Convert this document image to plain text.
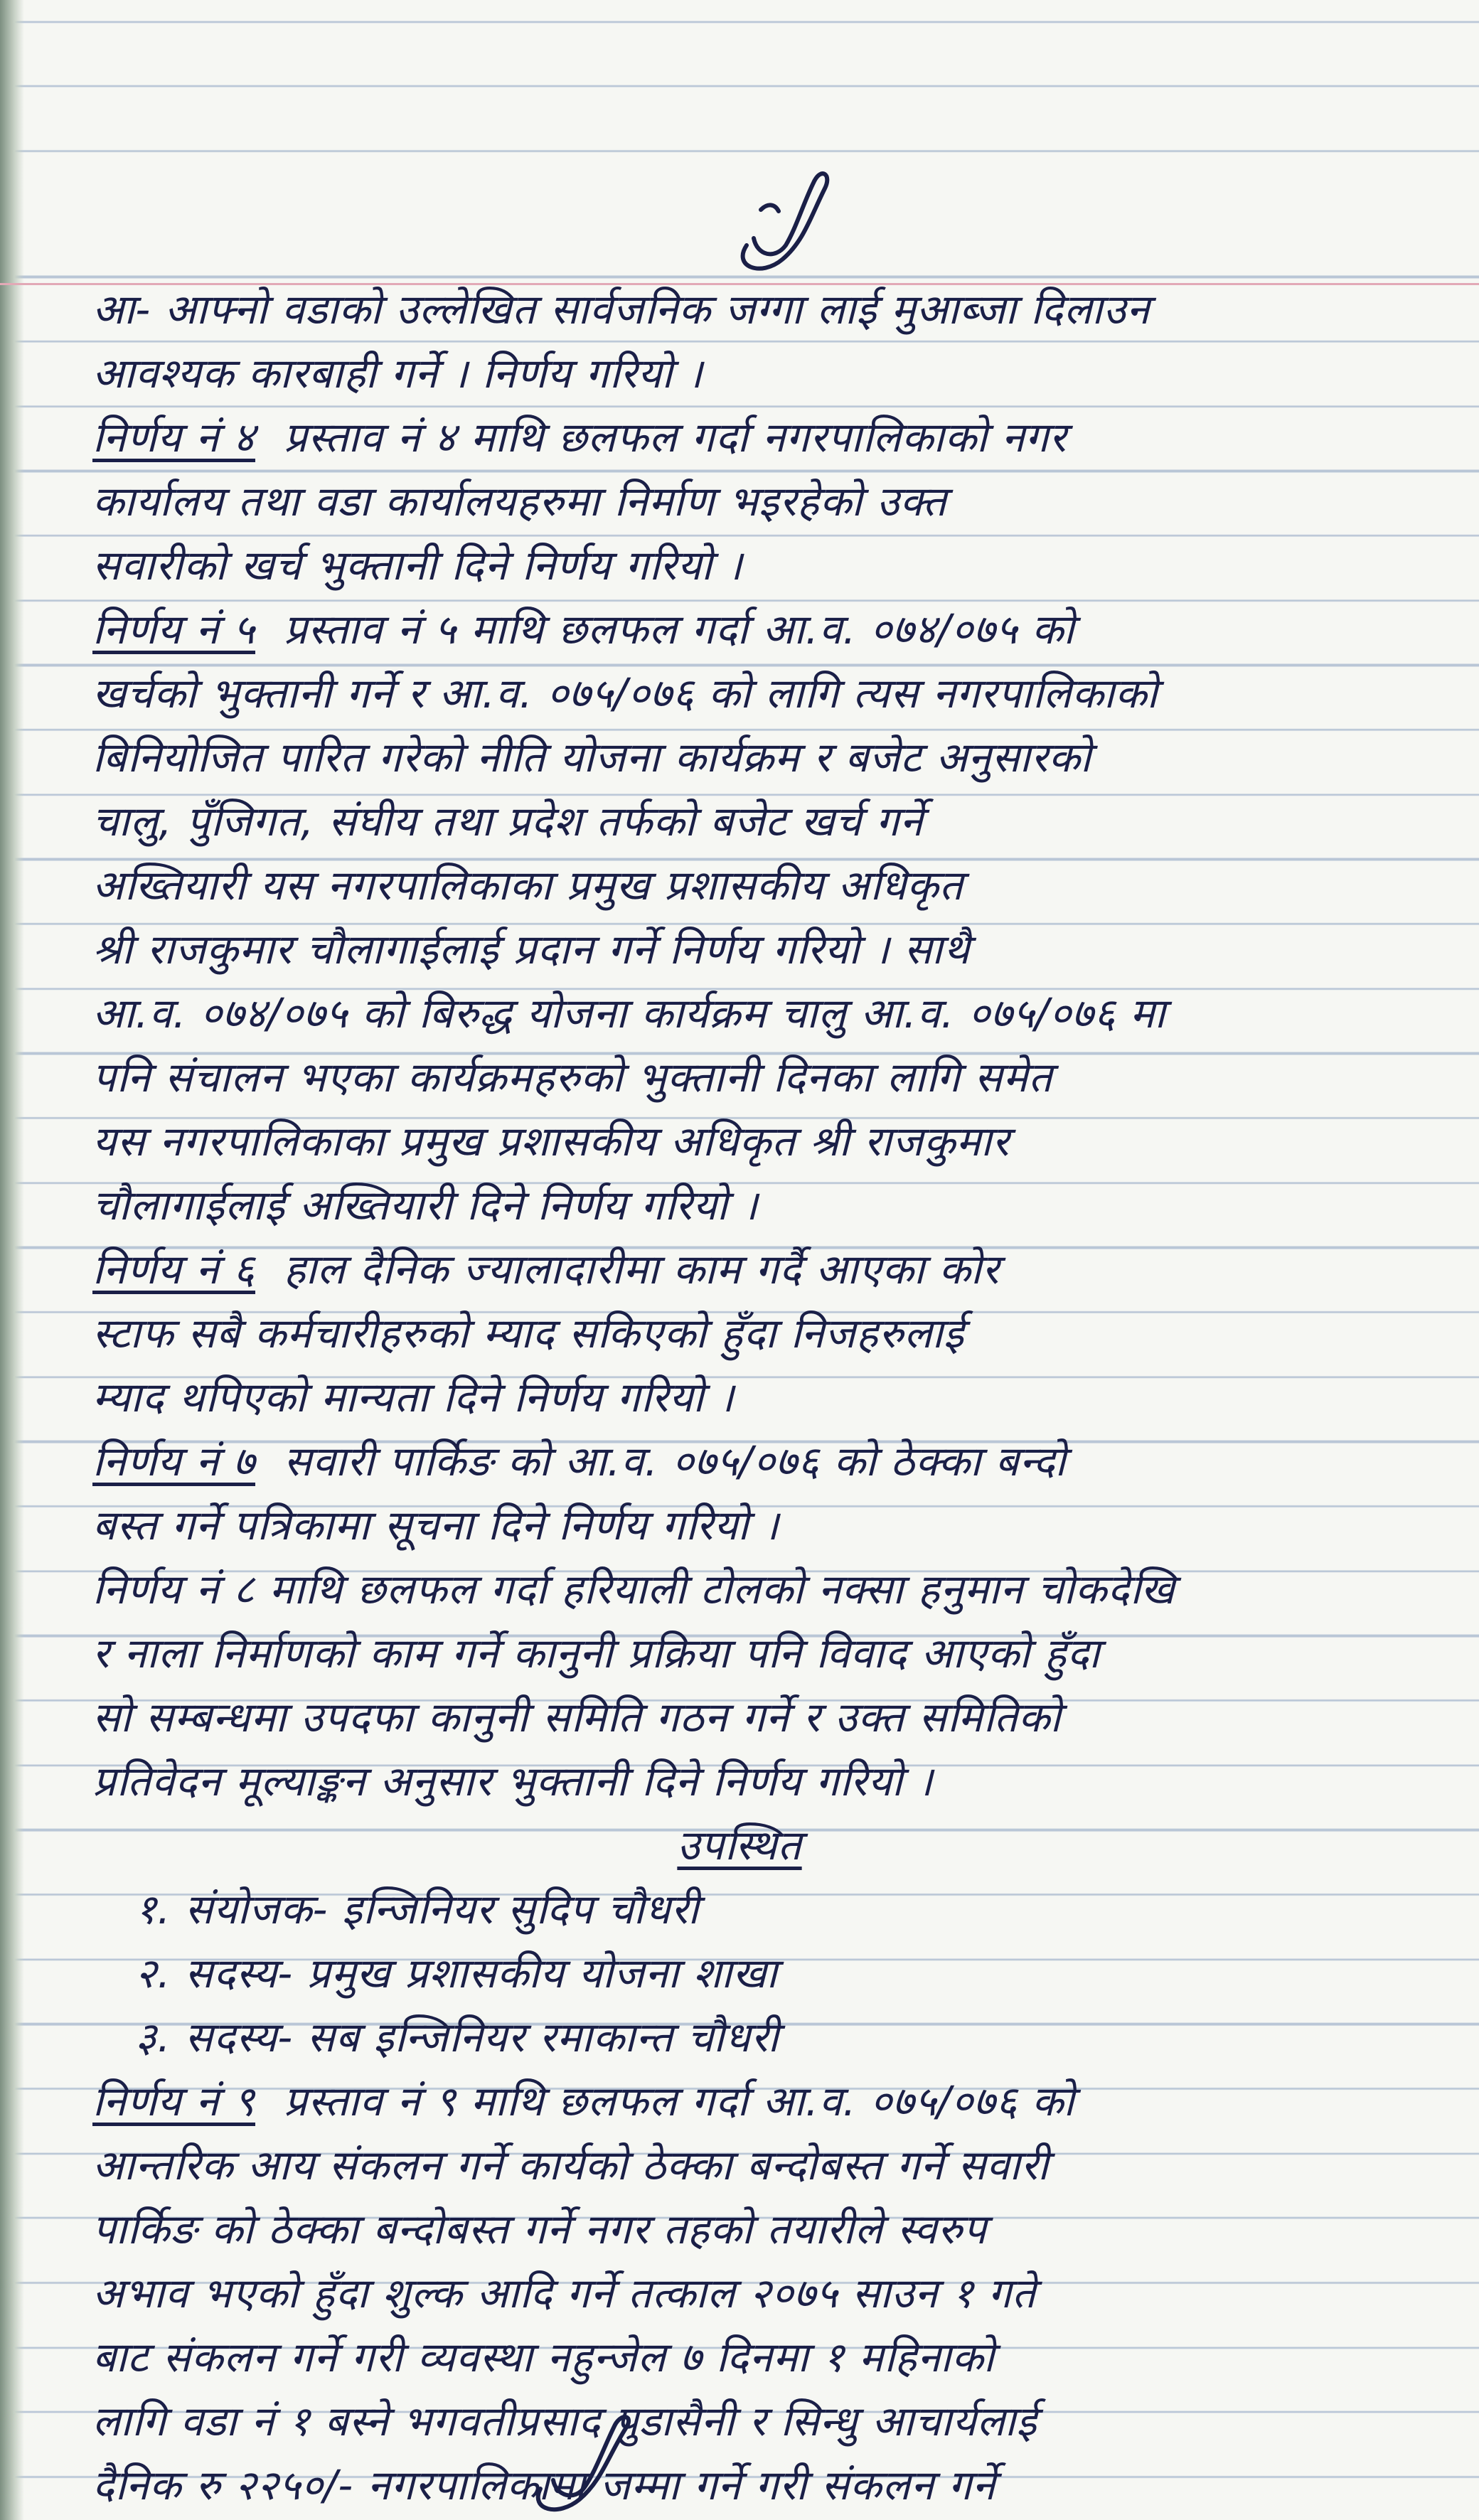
आ- आफ्नो वडाको उल्लेखित सार्वजनिक जग्गा लाई मुआब्जा दिलाउन
आवश्यक कारबाही गर्ने । निर्णय गरियो ।
निर्णय नं ४ प्रस्ताव नं ४ माथि छलफल गर्दा नगरपालिकाको नगर
कार्यालय तथा वडा कार्यालयहरुमा निर्माण भइरहेको उक्त
सवारीको खर्च भुक्तानी दिने निर्णय गरियो ।
निर्णय नं ५ प्रस्ताव नं ५ माथि छलफल गर्दा आ.व. ०७४/०७५ को
खर्चको भुक्तानी गर्ने र आ.व. ०७५/०७६ को लागि त्यस नगरपालिकाको
बिनियोजित पारित गरेको नीति योजना कार्यक्रम र बजेट अनुसारको
चालु, पुँजिगत, संघीय तथा प्रदेश तर्फको बजेट खर्च गर्ने
अख्तियारी यस नगरपालिकाका प्रमुख प्रशासकीय अधिकृत
श्री राजकुमार चौलागाईलाई प्रदान गर्ने निर्णय गरियो । साथै
आ.व. ०७४/०७५ को बिरुद्ध योजना कार्यक्रम चालु आ.व. ०७५/०७६ मा
पनि संचालन भएका कार्यक्रमहरुको भुक्तानी दिनका लागि समेत
यस नगरपालिकाका प्रमुख प्रशासकीय अधिकृत श्री राजकुमार
चौलागाईलाई अख्तियारी दिने निर्णय गरियो ।
निर्णय नं ६ हाल दैनिक ज्यालादारीमा काम गर्दै आएका कोर
स्टाफ सबै कर्मचारीहरुको म्याद सकिएको हुँदा निजहरुलाई
म्याद थपिएको मान्यता दिने निर्णय गरियो ।
निर्णय नं ७ सवारी पार्किङ को आ.व. ०७५/०७६ को ठेक्का बन्दो
बस्त गर्ने पत्रिकामा सूचना दिने निर्णय गरियो ।
निर्णय नं ८ माथि छलफल गर्दा हरियाली टोलको नक्सा हनुमान चोकदेखि
र नाला निर्माणको काम गर्ने कानुनी प्रक्रिया पनि विवाद आएको हुँदा
सो सम्बन्धमा उपदफा कानुनी समिति गठन गर्ने र उक्त समितिको
प्रतिवेदन मूल्याङ्कन अनुसार भुक्तानी दिने निर्णय गरियो ।
उपस्थित
१. संयोजक- इन्जिनियर सुदिप चौधरी
२. सदस्य- प्रमुख प्रशासकीय योजना शाखा
३. सदस्य- सब इन्जिनियर रमाकान्त चौधरी
निर्णय नं ९ प्रस्ताव नं ९ माथि छलफल गर्दा आ.व. ०७५/०७६ को
आन्तरिक आय संकलन गर्ने कार्यको ठेक्का बन्दोबस्त गर्ने सवारी
पार्किङ को ठेक्का बन्दोबस्त गर्ने नगर तहको तयारीले स्वरुप
अभाव भएको हुँदा शुल्क आदि गर्ने तत्काल २०७५ साउन १ गते
बाट संकलन गर्ने गरी व्यवस्था नहुन्जेल ७ दिनमा १ महिनाको
लागि वडा नं १ बस्ने भगवतीप्रसाद पुडासैनी र सिन्धु आचार्यलाई
दैनिक रु २२५०/- नगरपालिकामा जम्मा गर्ने गरी संकलन गर्ने
